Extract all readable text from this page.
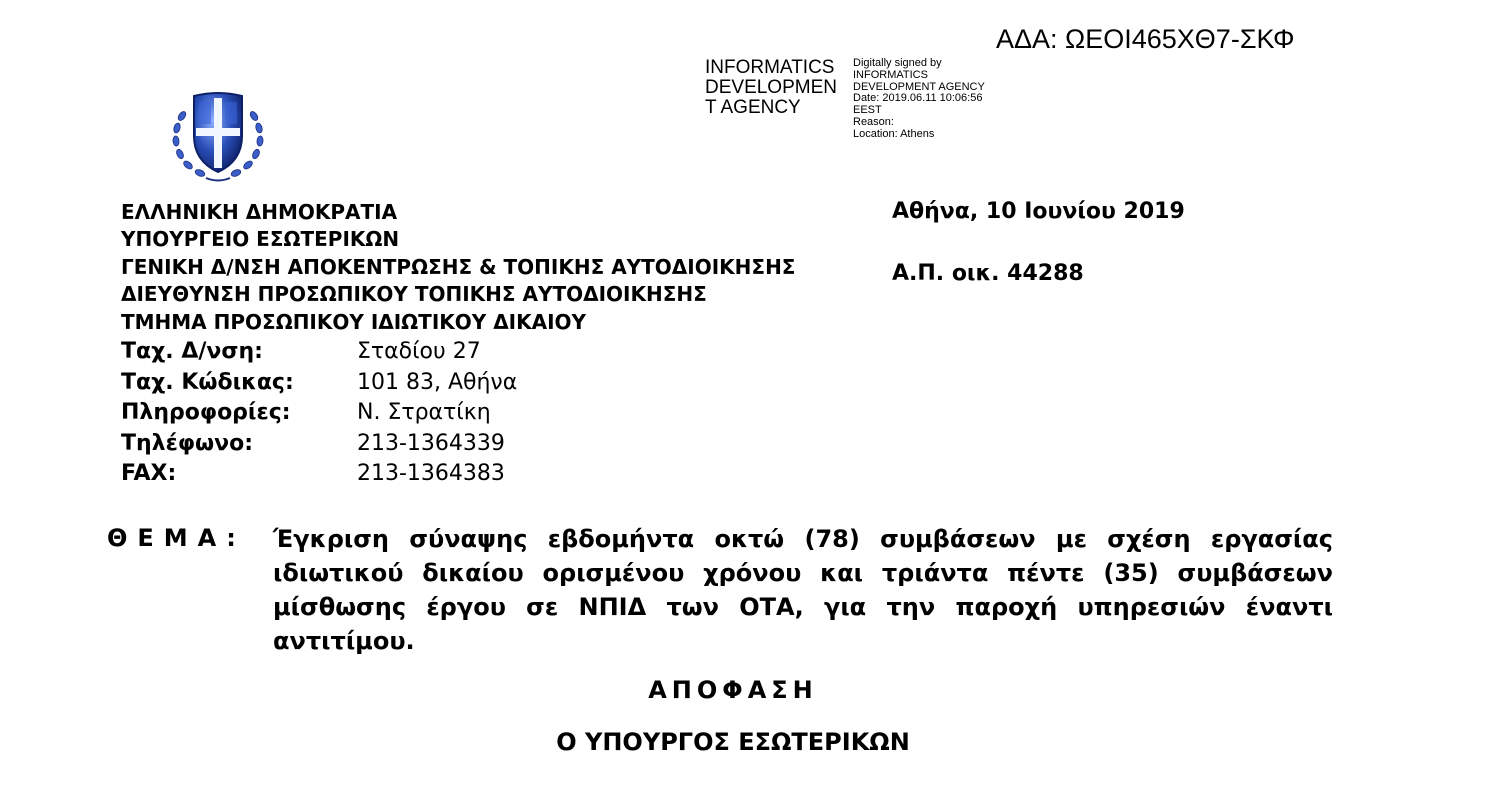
ΑΔΑ: ΩΕΟΙ465ΧΘ7-ΣΚΦ
INFORMATICS
DEVELOPMEN
T AGENCY
Digitally signed by
INFORMATICS
DEVELOPMENT AGENCY
Date: 2019.06.11 10:06:56
EEST
Reason:
Location: Athens
ΕΛΛΗΝΙΚΗ ΔΗΜΟΚΡΑΤΙΑ
ΥΠΟΥΡΓΕΙΟ ΕΣΩΤΕΡΙΚΩΝ
ΓΕΝΙΚΗ Δ/ΝΣΗ ΑΠΟΚΕΝΤΡΩΣΗΣ & ΤΟΠΙΚΗΣ ΑΥΤΟΔΙΟΙΚΗΣΗΣ
ΔΙΕΥΘΥΝΣΗ ΠΡΟΣΩΠΙΚΟΥ ΤΟΠΙΚΗΣ ΑΥΤΟΔΙΟΙΚΗΣΗΣ
ΤΜΗΜΑ ΠΡΟΣΩΠΙΚΟΥ ΙΔΙΩΤΙΚΟΥ ΔΙΚΑΙΟΥ
Ταχ. Δ/νση:	Σταδίου 27
Ταχ. Κώδικας:	101 83, Αθήνα
Πληροφορίες:	Ν. Στρατίκη
Τηλέφωνο:	213-1364339
FAX:	213-1364383
Αθήνα, 10 Ιουνίου 2019
Α.Π. οικ. 44288
ΘΕΜΑ: Έγκριση σύναψης εβδομήντα οκτώ (78) συμβάσεων με σχέση εργασίας ιδιωτικού δικαίου ορισμένου χρόνου και τριάντα πέντε (35) συμβάσεων μίσθωσης έργου σε ΝΠΙΔ των ΟΤΑ, για την παροχή υπηρεσιών έναντι αντιτίμου.
ΑΠΟΦΑΣΗ
Ο ΥΠΟΥΡΓΟΣ ΕΣΩΤΕΡΙΚΩΝ
